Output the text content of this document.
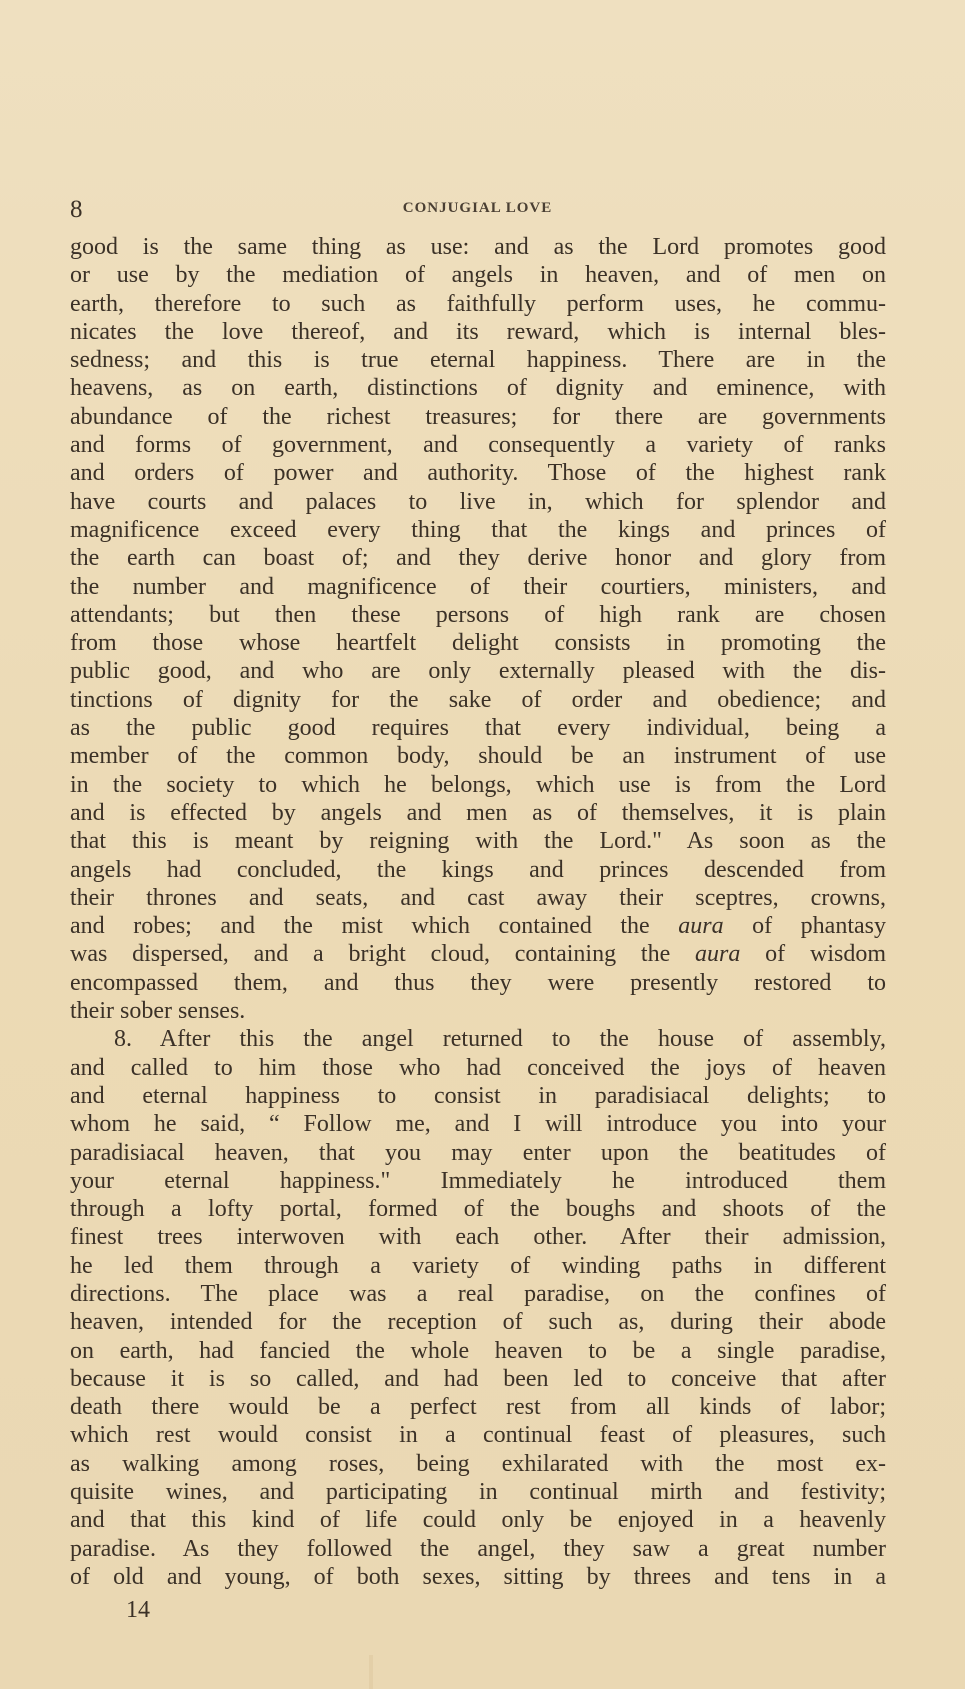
8	CONJUGIAL LOVE
good is the same thing as use: and as the Lord promotes good
or use by the mediation of angels in heaven, and of men on
earth, therefore to such as faithfully perform uses, he commu-
nicates the love thereof, and its reward, which is internal bles-
sedness; and this is true eternal happiness. There are in the
heavens, as on earth, distinctions of dignity and eminence, with
abundance of the richest treasures; for there are governments
and forms of government, and consequently a variety of ranks
and orders of power and authority. Those of the highest rank
have courts and palaces to live in, which for splendor and
magnificence exceed every thing that the kings and princes of
the earth can boast of; and they derive honor and glory from
the number and magnificence of their courtiers, ministers, and
attendants; but then these persons of high rank are chosen
from those whose heartfelt delight consists in promoting the
public good, and who are only externally pleased with the dis-
tinctions of dignity for the sake of order and obedience; and
as the public good requires that every individual, being a
member of the common body, should be an instrument of use
in the society to which he belongs, which use is from the Lord
and is effected by angels and men as of themselves, it is plain
that this is meant by reigning with the Lord." As soon as the
angels had concluded, the kings and princes descended from
their thrones and seats, and cast away their sceptres, crowns,
and robes; and the mist which contained the aura of phantasy
was dispersed, and a bright cloud, containing the aura of wisdom
encompassed them, and thus they were presently restored to
their sober senses.
8. After this the angel returned to the house of assembly,
and called to him those who had conceived the joys of heaven
and eternal happiness to consist in paradisiacal delights; to
whom he said, “ Follow me, and I will introduce you into your
paradisiacal heaven, that you may enter upon the beatitudes of
your eternal happiness." Immediately he introduced them
through a lofty portal, formed of the boughs and shoots of the
finest trees interwoven with each other. After their admission,
he led them through a variety of winding paths in different
directions. The place was a real paradise, on the confines of
heaven, intended for the reception of such as, during their abode
on earth, had fancied the whole heaven to be a single paradise,
because it is so called, and had been led to conceive that after
death there would be a perfect rest from all kinds of labor;
which rest would consist in a continual feast of pleasures, such
as walking among roses, being exhilarated with the most ex-
quisite wines, and participating in continual mirth and festivity;
and that this kind of life could only be enjoyed in a heavenly
paradise. As they followed the angel, they saw a great number
of old and young, of both sexes, sitting by threes and tens in a
14
